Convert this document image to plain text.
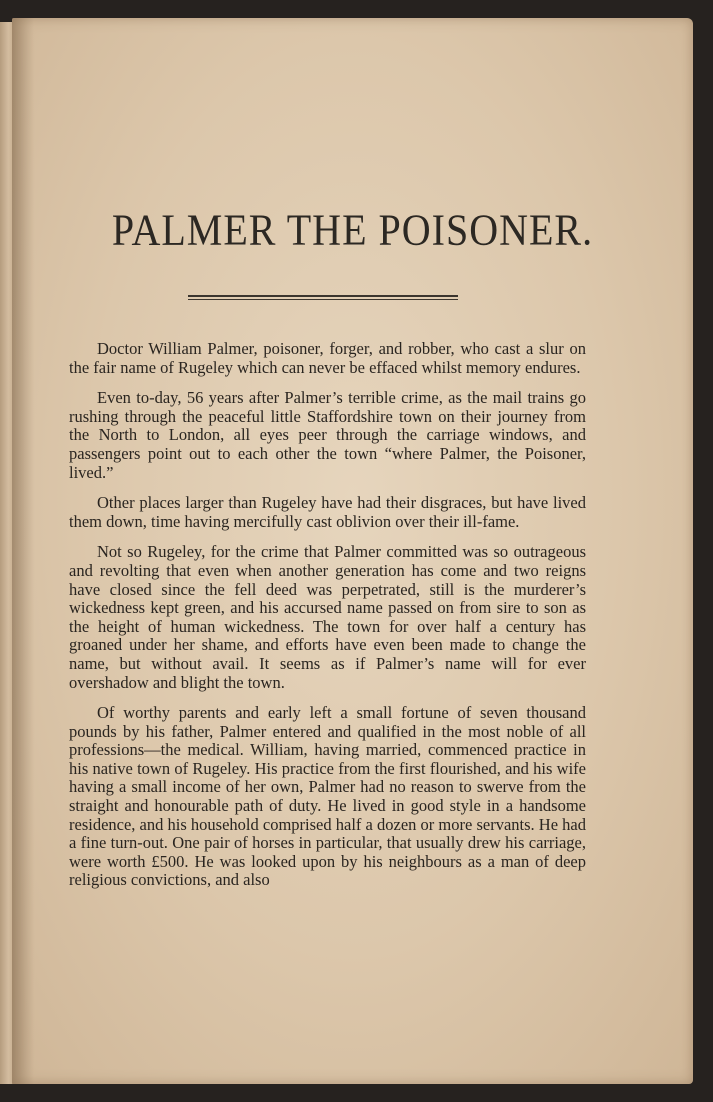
PALMER THE POISONER.

Doctor William Palmer, poisoner, forger, and robber, who cast a slur on the fair name of Rugeley which can never be effaced whilst memory endures.

Even to-day, 56 years after Palmer’s terrible crime, as the mail trains go rushing through the peaceful little Staffordshire town on their journey from the North to London, all eyes peer through the carriage windows, and passengers point out to each other the town “where Palmer, the Poisoner, lived.”

Other places larger than Rugeley have had their disgraces, but have lived them down, time having mercifully cast oblivion over their ill-fame.

Not so Rugeley, for the crime that Palmer committed was so outrageous and revolting that even when another generation has come and two reigns have closed since the fell deed was perpetrated, still is the murderer’s wickedness kept green, and his accursed name passed on from sire to son as the height of human wickedness. The town for over half a century has groaned under her shame, and efforts have even been made to change the name, but without avail. It seems as if Palmer’s name will for ever overshadow and blight the town.

Of worthy parents and early left a small fortune of seven thousand pounds by his father, Palmer entered and qualified in the most noble of all professions—the medical. William, having married, commenced practice in his native town of Rugeley. His practice from the first flourished, and his wife having a small income of her own, Palmer had no reason to swerve from the straight and honourable path of duty. He lived in good style in a handsome residence, and his household comprised half a dozen or more servants. He had a fine turn-out. One pair of horses in particular, that usually drew his carriage, were worth £500. He was looked upon by his neighbours as a man of deep religious convictions, and also
